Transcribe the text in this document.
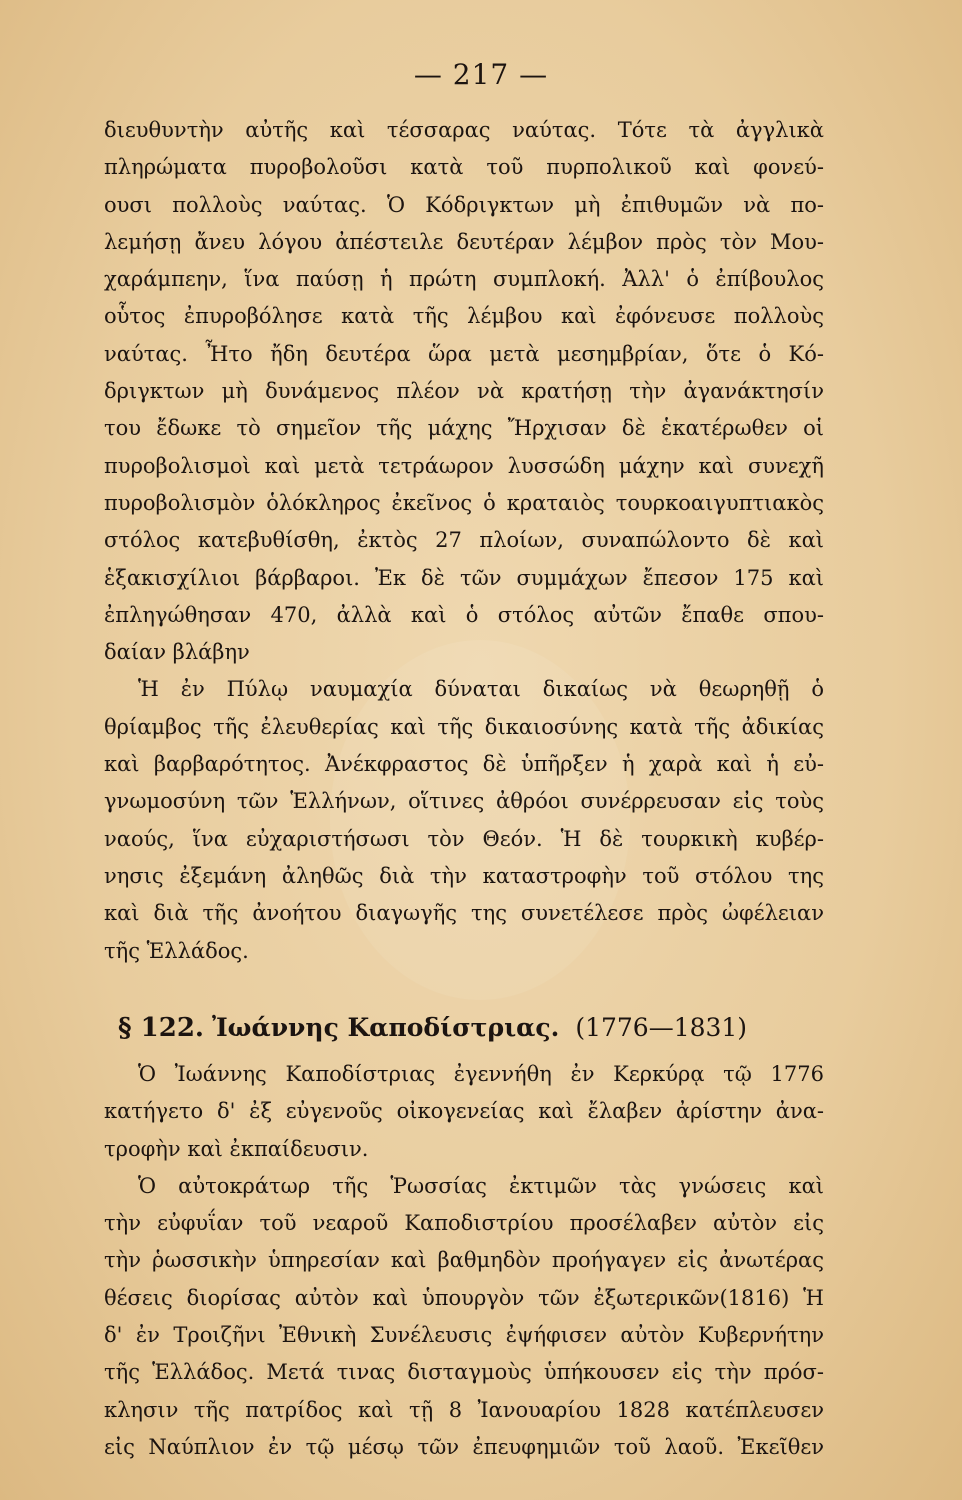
— 217 —
διευθυντὴν αὐτῆς καὶ τέσσαρας ναύτας. Τότε τὰ ἀγγλικὰ
πληρώματα πυροβολοῦσι κατὰ τοῦ πυρπολικοῦ καὶ φονεύ-
ουσι πολλοὺς ναύτας. Ὁ Κόδριγκτων μὴ ἐπιθυμῶν νὰ πο-
λεμήσῃ ἄνευ λόγου ἀπέστειλε δευτέραν λέμβον πρὸς τὸν Μου-
χαράμπεην, ἵνα παύσῃ ἡ πρώτη συμπλοκή. Ἀλλ' ὁ ἐπίβουλος
οὗτος ἐπυροβόλησε κατὰ τῆς λέμβου καὶ ἐφόνευσε πολλοὺς
ναύτας. Ἦτο ἤδη δευτέρα ὥρα μετὰ μεσημβρίαν, ὅτε ὁ Κό-
δριγκτων μὴ δυνάμενος πλέον νὰ κρατήσῃ τὴν ἀγανάκτησίν
του ἔδωκε τὸ σημεῖον τῆς μάχης Ἤρχισαν δὲ ἑκατέρωθεν οἱ
πυροβολισμοὶ καὶ μετὰ τετράωρον λυσσώδη μάχην καὶ συνεχῆ
πυροβολισμὸν ὁλόκληρος ἐκεῖνος ὁ κραταιὸς τουρκοαιγυπτιακὸς
στόλος κατεβυθίσθη, ἐκτὸς 27 πλοίων, συναπώλοντο δὲ καὶ
ἑξακισχίλιοι βάρβαροι. Ἐκ δὲ τῶν συμμάχων ἔπεσον 175 καὶ
ἐπληγώθησαν 470, ἀλλὰ καὶ ὁ στόλος αὐτῶν ἔπαθε σπου-
δαίαν βλάβην
Ἡ ἐν Πύλῳ ναυμαχία δύναται δικαίως νὰ θεωρηθῇ ὁ
θρίαμβος τῆς ἐλευθερίας καὶ τῆς δικαιοσύνης κατὰ τῆς ἀδικίας
καὶ βαρβαρότητος. Ἀνέκφραστος δὲ ὑπῆρξεν ἡ χαρὰ καὶ ἡ εὐ-
γνωμοσύνη τῶν Ἑλλήνων, οἵτινες ἀθρόοι συνέρρευσαν εἰς τοὺς
ναούς, ἵνα εὐχαριστήσωσι τὸν Θεόν. Ἡ δὲ τουρκικὴ κυβέρ-
νησις ἐξεμάνη ἀληθῶς διὰ τὴν καταστροφὴν τοῦ στόλου της
καὶ διὰ τῆς ἀνοήτου διαγωγῆς της συνετέλεσε πρὸς ὠφέλειαν
τῆς Ἑλλάδος.
§ 122. Ἰωάννης Καποδίστριας. (1776—1831)
Ὁ Ἰωάννης Καποδίστριας ἐγεννήθη ἐν Κερκύρᾳ τῷ 1776
κατήγετο δ' ἐξ εὐγενοῦς οἰκογενείας καὶ ἔλαβεν ἀρίστην ἀνα-
τροφὴν καὶ ἐκπαίδευσιν.
Ὁ αὐτοκράτωρ τῆς Ῥωσσίας ἐκτιμῶν τὰς γνώσεις καὶ
τὴν εὐφυΐαν τοῦ νεαροῦ Καποδιστρίου προσέλαβεν αὐτὸν εἰς
τὴν ῥωσσικὴν ὑπηρεσίαν καὶ βαθμηδὸν προήγαγεν εἰς ἀνωτέρας
θέσεις διορίσας αὐτὸν καὶ ὑπουργὸν τῶν ἐξωτερικῶν(1816) Ἡ
δ' ἐν Τροιζῆνι Ἐθνικὴ Συνέλευσις ἐψήφισεν αὐτὸν Κυβερνήτην
τῆς Ἑλλάδος. Μετά τινας δισταγμοὺς ὑπήκουσεν εἰς τὴν πρόσ-
κλησιν τῆς πατρίδος καὶ τῇ 8 Ἰανουαρίου 1828 κατέπλευσεν
εἰς Ναύπλιον ἐν τῷ μέσῳ τῶν ἐπευφημιῶν τοῦ λαοῦ. Ἐκεῖθεν
